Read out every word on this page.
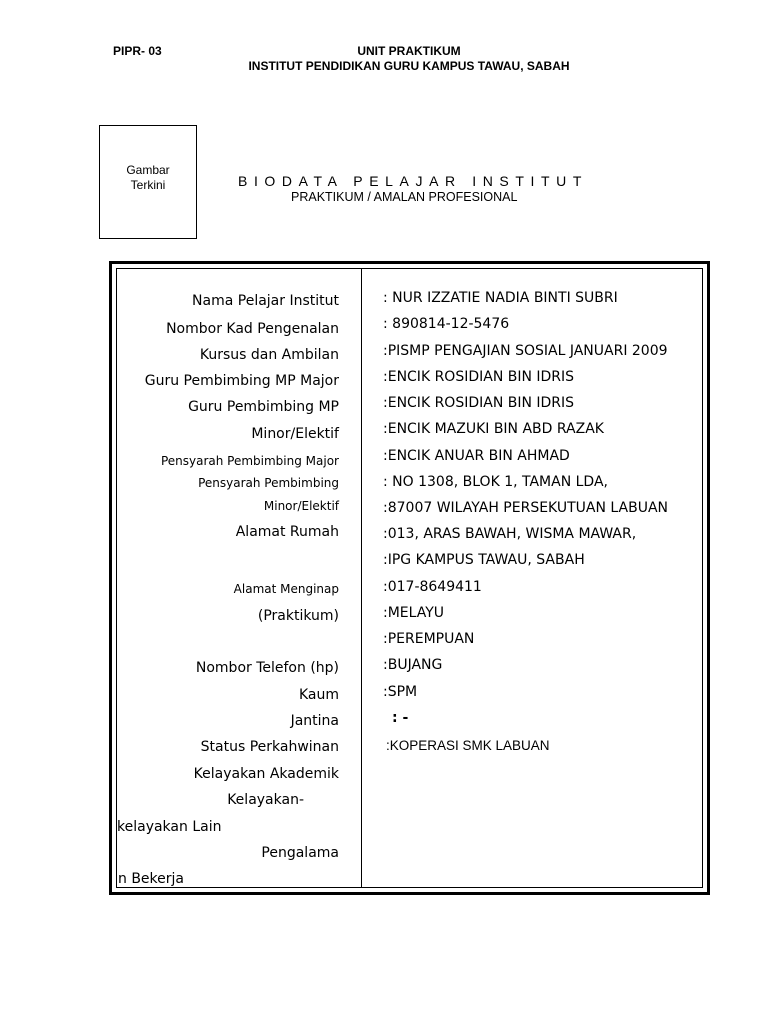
PIPR- 03	UNIT PRAKTIKUM
INSTITUT PENDIDIKAN GURU KAMPUS TAWAU, SABAH
Gambar
Terkini	BIODATA PELAJAR INSTITUT
PRAKTIKUM / AMALAN PROFESIONAL
Nama Pelajar Institut
Nombor Kad Pengenalan
Kursus dan Ambilan
Guru Pembimbing MP Major
Guru Pembimbing MP
Minor/Elektif
Pensyarah Pembimbing Major
Pensyarah Pembimbing
Minor/Elektif
Alamat Rumah
Alamat Menginap
(Praktikum)
Nombor Telefon (hp)
Kaum
Jantina
Status Perkahwinan
Kelayakan Akademik
Kelayakan-
kelayakan Lain
Pengalama
n Bekerja
: NUR IZZATIE NADIA BINTI SUBRI
: 890814-12-5476
:PISMP PENGAJIAN SOSIAL JANUARI 2009
:ENCIK ROSIDIAN BIN IDRIS
:ENCIK ROSIDIAN BIN IDRIS
:ENCIK MAZUKI BIN ABD RAZAK
:ENCIK ANUAR BIN AHMAD
: NO 1308, BLOK 1, TAMAN LDA,
:87007 WILAYAH PERSEKUTUAN LABUAN
:013, ARAS BAWAH, WISMA MAWAR,
:IPG KAMPUS TAWAU, SABAH
:017-8649411
:MELAYU
:PEREMPUAN
:BUJANG
:SPM
: -
:KOPERASI SMK LABUAN
